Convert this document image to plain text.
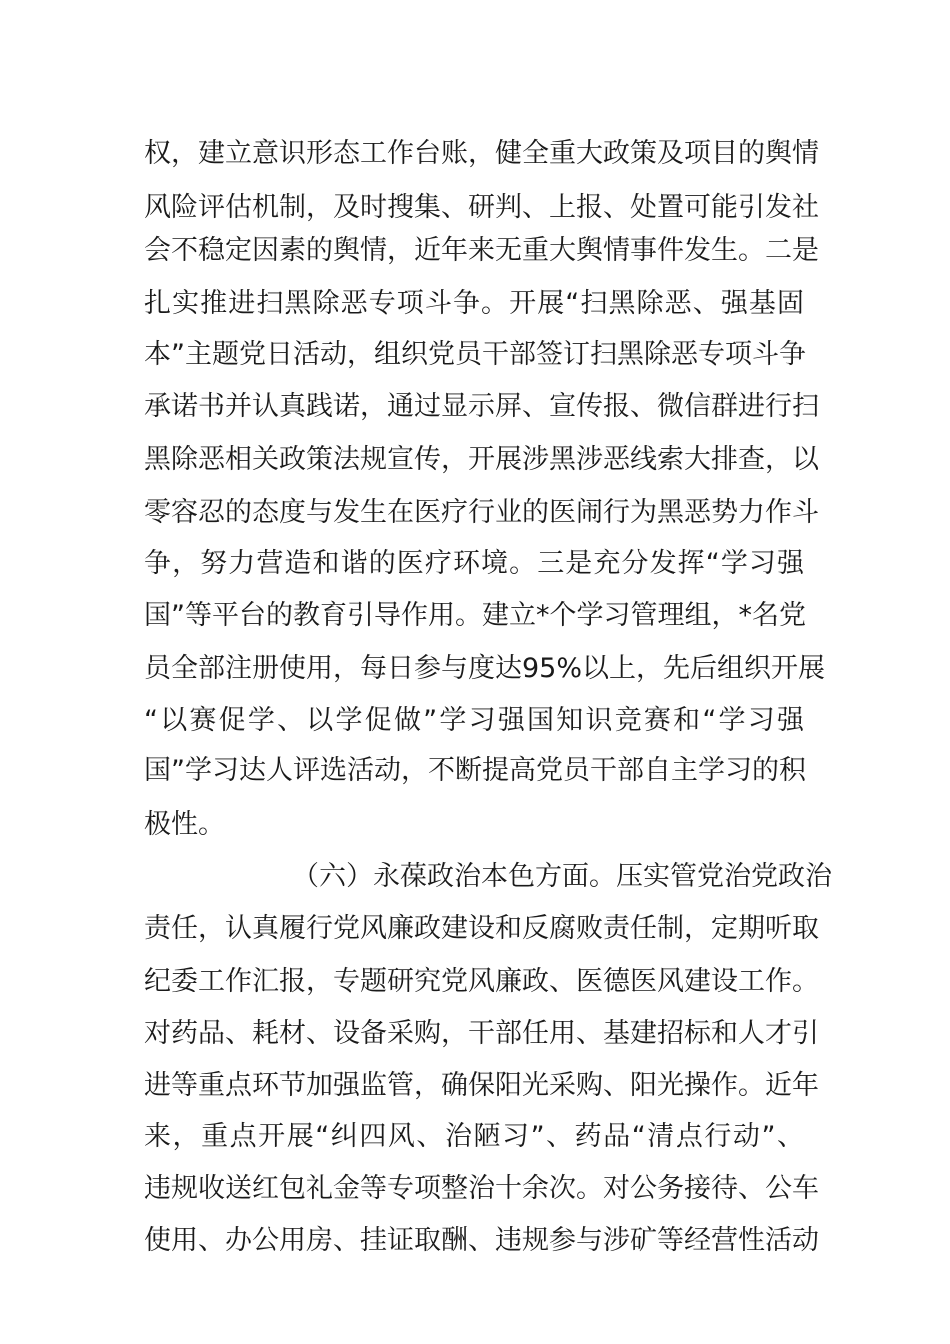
权，建立意识形态工作台账，健全重大政策及项目的舆情
风险评估机制，及时搜集、研判、上报、处置可能引发社
会不稳定因素的舆情，近年来无重大舆情事件发生。二是
扎实推进扫黑除恶专项斗争。开展“扫黑除恶、强基固
本”主题党日活动，组织党员干部签订扫黑除恶专项斗争
承诺书并认真践诺，通过显示屏、宣传报、微信群进行扫
黑除恶相关政策法规宣传，开展涉黑涉恶线索大排查，以
零容忍的态度与发生在医疗行业的医闹行为黑恶势力作斗
争，努力营造和谐的医疗环境。三是充分发挥“学习强
国”等平台的教育引导作用。建立*个学习管理组，*名党
员全部注册使用，每日参与度达95%以上，先后组织开展
“以赛促学、以学促做”学习强国知识竞赛和“学习强
国”学习达人评选活动，不断提高党员干部自主学习的积
极性。
（六）永葆政治本色方面。压实管党治党政治
责任，认真履行党风廉政建设和反腐败责任制，定期听取
纪委工作汇报，专题研究党风廉政、医德医风建设工作。
对药品、耗材、设备采购，干部任用、基建招标和人才引
进等重点环节加强监管，确保阳光采购、阳光操作。近年
来，重点开展“纠四风、治陋习”、药品“清点行动”、
违规收送红包礼金等专项整治十余次。对公务接待、公车
使用、办公用房、挂证取酬、违规参与涉矿等经营性活动
